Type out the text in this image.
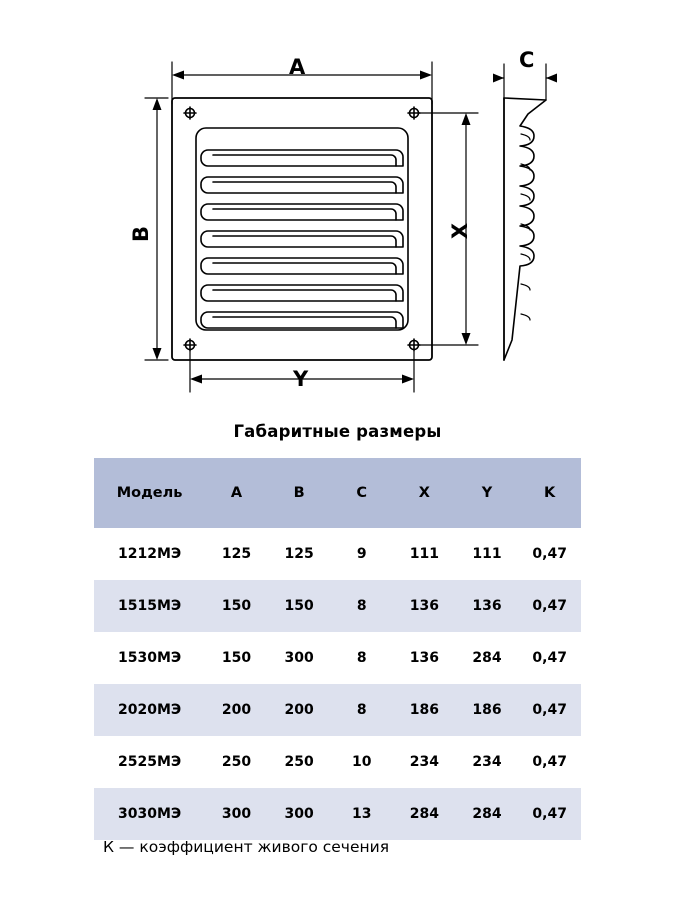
A
B
C
X
Y
Габаритные размеры
Модель	A	B	C	X	Y	K
1212МЭ	125	125	9	111	111	0,47
1515МЭ	150	150	8	136	136	0,47
1530МЭ	150	300	8	136	284	0,47
2020МЭ	200	200	8	186	186	0,47
2525МЭ	250	250	10	234	234	0,47
3030МЭ	300	300	13	284	284	0,47
К — коэффициент живого сечения
